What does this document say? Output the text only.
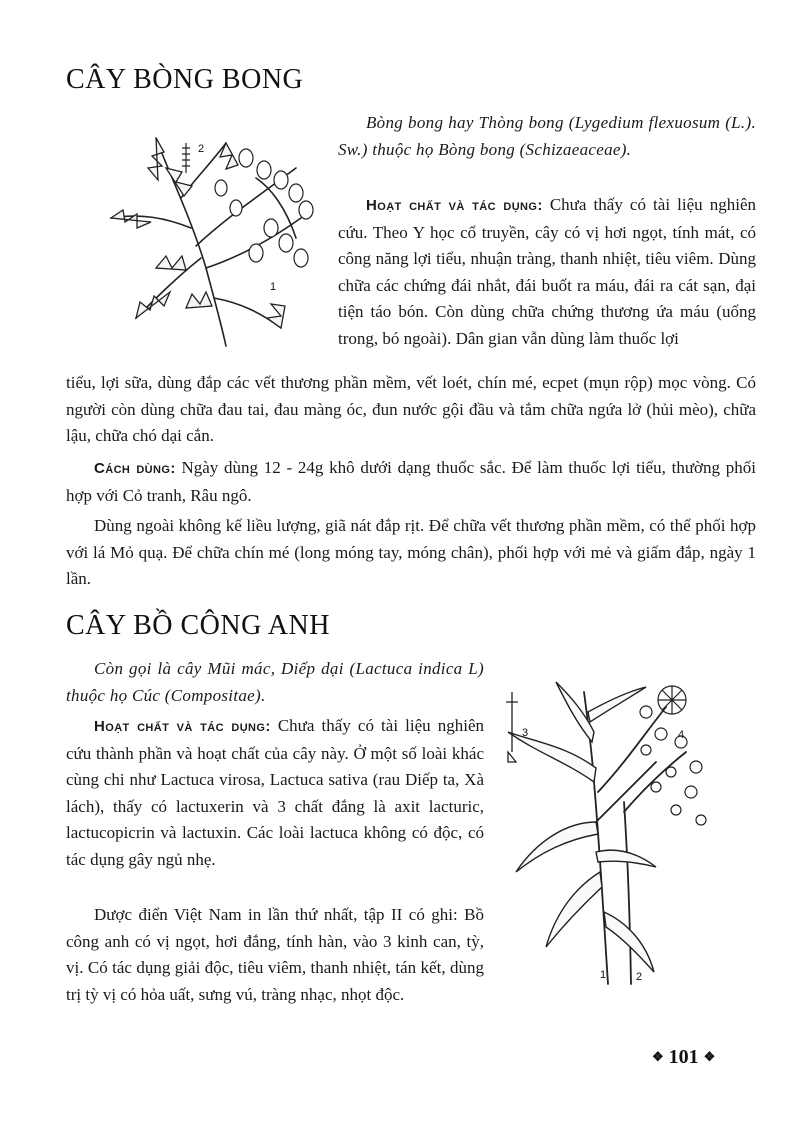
CÂY BÒNG BONG
2
1

Bòng bong hay Thòng bong (Lygedium flexuosum (L.). Sw.) thuộc họ Bòng bong (Schizaeaceae).

Hoạt chất và tác dụng: Chưa thấy có tài liệu nghiên cứu. Theo Y học cổ truyền, cây có vị hơi ngọt, tính mát, có công năng lợi tiểu, nhuận tràng, thanh nhiệt, tiêu viêm. Dùng chữa các chứng đái nhắt, đái buốt ra máu, đái ra cát sạn, đại tiện táo bón. Còn dùng chữa chứng thương ứa máu (uống trong, bó ngoài). Dân gian vẫn dùng làm thuốc lợi

tiểu, lợi sữa, dùng đắp các vết thương phần mềm, vết loét, chín mé, ecpet (mụn rộp) mọc vòng. Có người còn dùng chữa đau tai, đau màng óc, đun nước gội đầu và tắm chữa ngứa lở (hủi mèo), chữa lậu, chữa chó dại cắn.

Cách dùng: Ngày dùng 12 - 24g khô dưới dạng thuốc sắc. Để làm thuốc lợi tiểu, thường phối hợp với Cỏ tranh, Râu ngô.

Dùng ngoài không kể liều lượng, giã nát đắp rịt. Để chữa vết thương phần mềm, có thể phối hợp với lá Mỏ quạ. Để chữa chín mé (long móng tay, móng chân), phối hợp với mẻ và giấm đắp, ngày 1 lần.

CÂY BỒ CÔNG ANH

Còn gọi là cây Mũi mác, Diếp dại (Lactuca indica L) thuộc họ Cúc (Compositae).

Hoạt chất và tác dụng: Chưa thấy có tài liệu nghiên cứu thành phần và hoạt chất của cây này. Ở một số loài khác cùng chi như Lactuca virosa, Lactuca sativa (rau Diếp ta, Xà lách), thấy có lactuxerin và 3 chất đắng là axit lacturic, lactucopicrin và lactuxin. Các loài lactuca không có độc, có tác dụng gây ngủ nhẹ.

Dược điển Việt Nam in lần thứ nhất, tập II có ghi: Bồ công anh có vị ngọt, hơi đắng, tính hàn, vào 3 kinh can, tỳ, vị. Có tác dụng giải độc, tiêu viêm, thanh nhiệt, tán kết, dùng trị tỳ vị có hỏa uất, sưng vú, tràng nhạc, nhọt độc.

3	4
1	2
❖ 101 ❖
